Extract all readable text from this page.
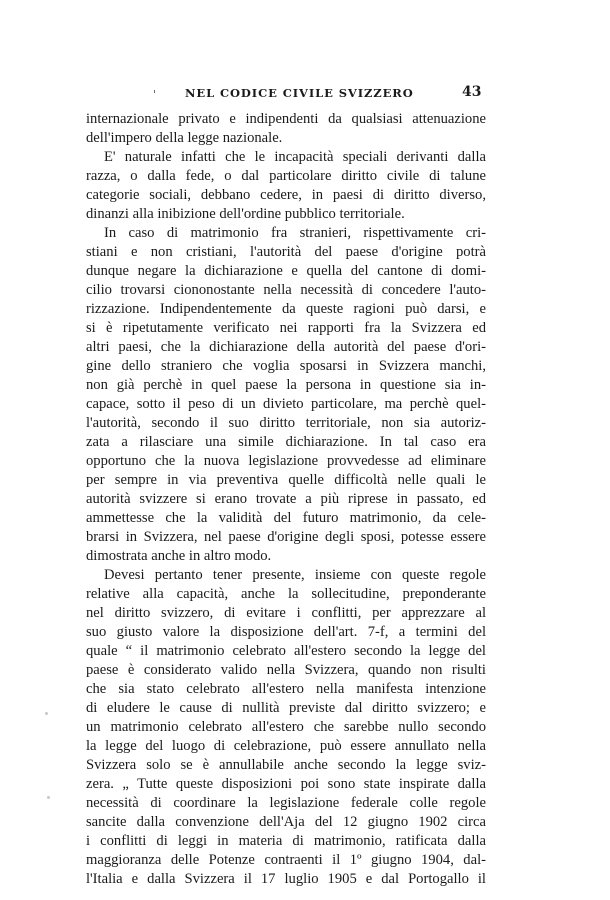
'	NEL CODICE CIVILE SVIZZERO	43
internazionale privato e indipendenti da qualsiasi attenuazione
dell'impero della legge nazionale.
E' naturale infatti che le incapacità speciali derivanti dalla
razza, o dalla fede, o dal particolare diritto civile di talune
categorie sociali, debbano cedere, in paesi di diritto diverso,
dinanzi alla inibizione dell'ordine pubblico territoriale.
In caso di matrimonio fra stranieri, rispettivamente cri-
stiani e non cristiani, l'autorità del paese d'origine potrà
dunque negare la dichiarazione e quella del cantone di domi-
cilio trovarsi ciononostante nella necessità di concedere l'auto-
rizzazione. Indipendentemente da queste ragioni può darsi, e
si è ripetutamente verificato nei rapporti fra la Svizzera ed
altri paesi, che la dichiarazione della autorità del paese d'ori-
gine dello straniero che voglia sposarsi in Svizzera manchi,
non già perchè in quel paese la persona in questione sia in-
capace, sotto il peso di un divieto particolare, ma perchè quel-
l'autorità, secondo il suo diritto territoriale, non sia autoriz-
zata a rilasciare una simile dichiarazione. In tal caso era
opportuno che la nuova legislazione provvedesse ad eliminare
per sempre in via preventiva quelle difficoltà nelle quali le
autorità svizzere si erano trovate a più riprese in passato, ed
ammettesse che la validità del futuro matrimonio, da cele-
brarsi in Svizzera, nel paese d'origine degli sposi, potesse essere
dimostrata anche in altro modo.
Devesi pertanto tener presente, insieme con queste regole
relative alla capacità, anche la sollecitudine, preponderante
nel diritto svizzero, di evitare i conflitti, per apprezzare al
suo giusto valore la disposizione dell'art. 7-f, a termini del
quale “ il matrimonio celebrato all'estero secondo la legge del
paese è considerato valido nella Svizzera, quando non risulti
che sia stato celebrato all'estero nella manifesta intenzione
di eludere le cause di nullità previste dal diritto svizzero; e
un matrimonio celebrato all'estero che sarebbe nullo secondo
la legge del luogo di celebrazione, può essere annullato nella
Svizzera solo se è annullabile anche secondo la legge sviz-
zera. „ Tutte queste disposizioni poi sono state inspirate dalla
necessità di coordinare la legislazione federale colle regole
sancite dalla convenzione dell'Aja del 12 giugno 1902 circa
i conflitti di leggi in materia di matrimonio, ratificata dalla
maggioranza delle Potenze contraenti il 1º giugno 1904, dal-
l'Italia e dalla Svizzera il 17 luglio 1905 e dal Portogallo il
